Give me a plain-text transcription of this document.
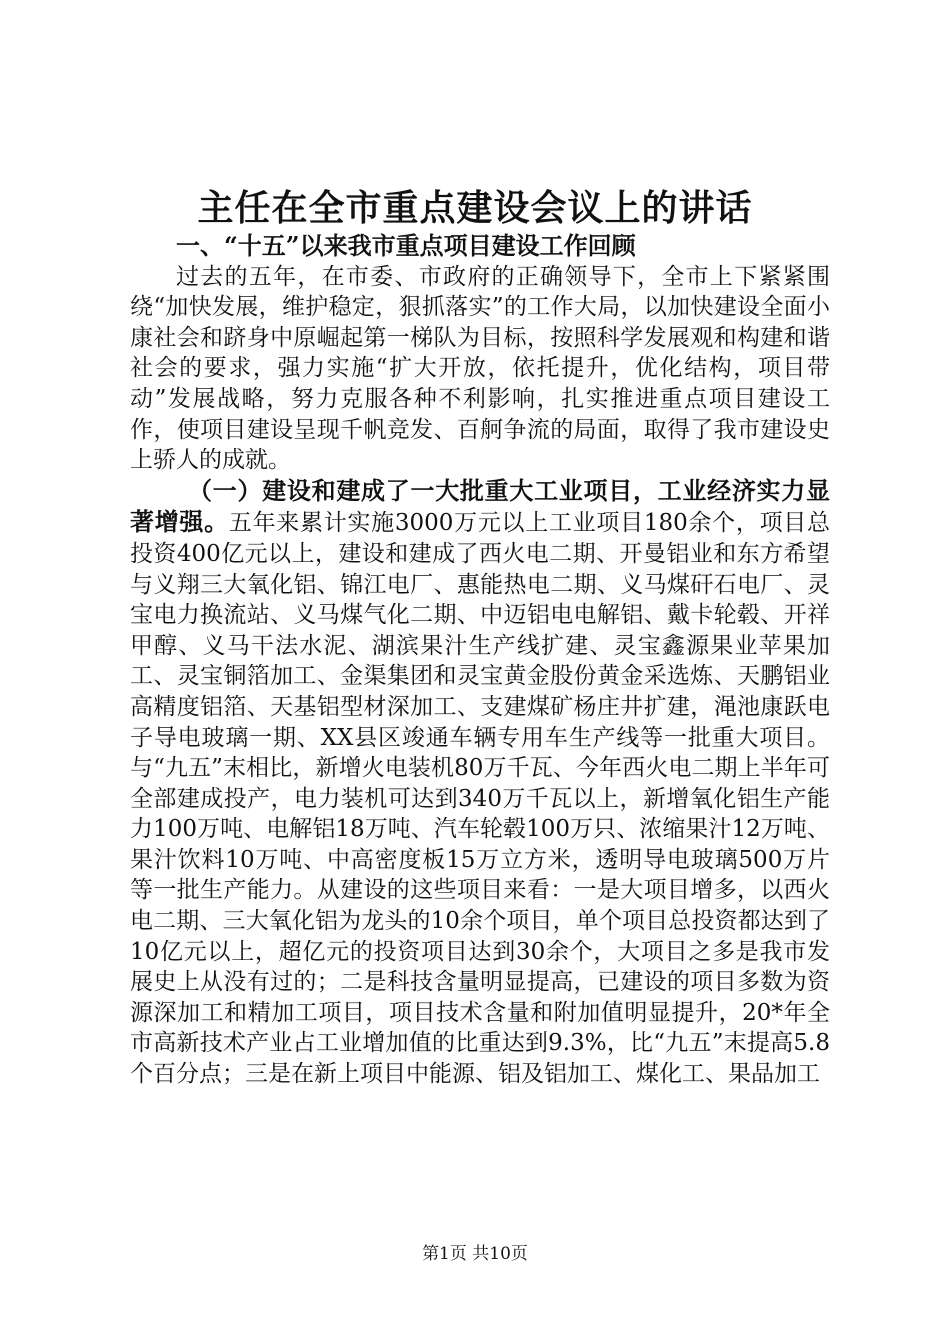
主任在全市重点建设会议上的讲话

一、“十五”以来我市重点项目建设工作回顾

过去的五年，在市委、市政府的正确领导下，全市上下紧紧围绕“加快发展，维护稳定，狠抓落实”的工作大局，以加快建设全面小康社会和跻身中原崛起第一梯队为目标，按照科学发展观和构建和谐社会的要求，强力实施“扩大开放，依托提升，优化结构，项目带动”发展战略，努力克服各种不利影响，扎实推进重点项目建设工作，使项目建设呈现千帆竞发、百舸争流的局面，取得了我市建设史上骄人的成就。

（一）建设和建成了一大批重大工业项目，工业经济实力显著增强。五年来累计实施3000万元以上工业项目180余个，项目总投资400亿元以上，建设和建成了西火电二期、开曼铝业和东方希望与义翔三大氧化铝、锦江电厂、惠能热电二期、义马煤矸石电厂、灵宝电力换流站、义马煤气化二期、中迈铝电电解铝、戴卡轮毂、开祥甲醇、义马干法水泥、湖滨果汁生产线扩建、灵宝鑫源果业苹果加工、灵宝铜箔加工、金渠集团和灵宝黄金股份黄金采选炼、天鹏铝业高精度铝箔、天基铝型材深加工、支建煤矿杨庄井扩建，渑池康跃电子导电玻璃一期、XX县区竣通车辆专用车生产线等一批重大项目。与“九五”末相比，新增火电装机80万千瓦、今年西火电二期上半年可全部建成投产，电力装机可达到340万千瓦以上，新增氧化铝生产能力100万吨、电解铝18万吨、汽车轮毂100万只、浓缩果汁12万吨、果汁饮料10万吨、中高密度板15万立方米，透明导电玻璃500万片等一批生产能力。从建设的这些项目来看：一是大项目增多，以西火电二期、三大氧化铝为龙头的10余个项目，单个项目总投资都达到了10亿元以上，超亿元的投资项目达到30余个，大项目之多是我市发展史上从没有过的；二是科技含量明显提高，已建设的项目多数为资源深加工和精加工项目，项目技术含量和附加值明显提升，20*年全市高新技术产业占工业增加值的比重达到9.3%，比“九五”末提高5.8个百分点；三是在新上项目中能源、铝及铝加工、煤化工、果品加工

第1页 共10页
